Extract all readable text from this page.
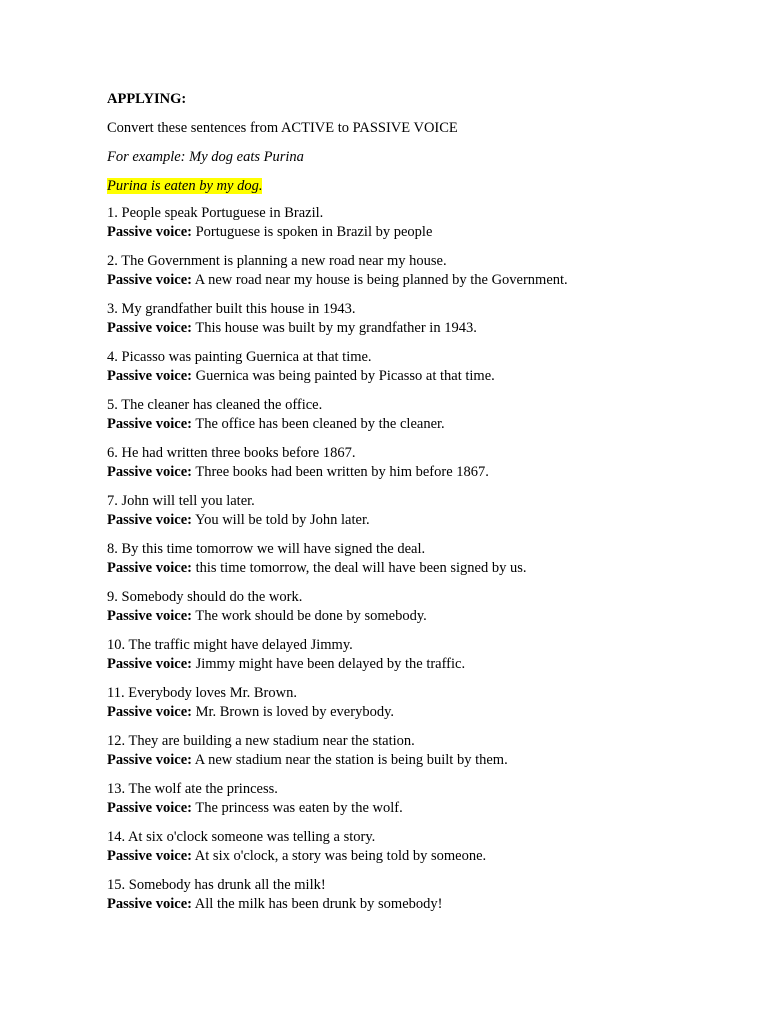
APPLYING:
Convert these sentences from ACTIVE to PASSIVE VOICE
For example: My dog eats Purina
Purina is eaten by my dog.
1. People speak Portuguese in Brazil.
Passive voice: Portuguese is spoken in Brazil by people
2. The Government is planning a new road near my house.
Passive voice: A new road near my house is being planned by the Government.
3. My grandfather built this house in 1943.
Passive voice: This house was built by my grandfather in 1943.
4. Picasso was painting Guernica at that time.
Passive voice: Guernica was being painted by Picasso at that time.
5. The cleaner has cleaned the office.
Passive voice: The office has been cleaned by the cleaner.
6. He had written three books before 1867.
Passive voice: Three books had been written by him before 1867.
7. John will tell you later.
Passive voice: You will be told by John later.
8. By this time tomorrow we will have signed the deal.
Passive voice: this time tomorrow, the deal will have been signed by us.
9. Somebody should do the work.
Passive voice: The work should be done by somebody.
10. The traffic might have delayed Jimmy.
Passive voice: Jimmy might have been delayed by the traffic.
11. Everybody loves Mr. Brown.
Passive voice: Mr. Brown is loved by everybody.
12. They are building a new stadium near the station.
Passive voice: A new stadium near the station is being built by them.
13. The wolf ate the princess.
Passive voice: The princess was eaten by the wolf.
14. At six o'clock someone was telling a story.
Passive voice: At six o'clock, a story was being told by someone.
15. Somebody has drunk all the milk!
Passive voice: All the milk has been drunk by somebody!
